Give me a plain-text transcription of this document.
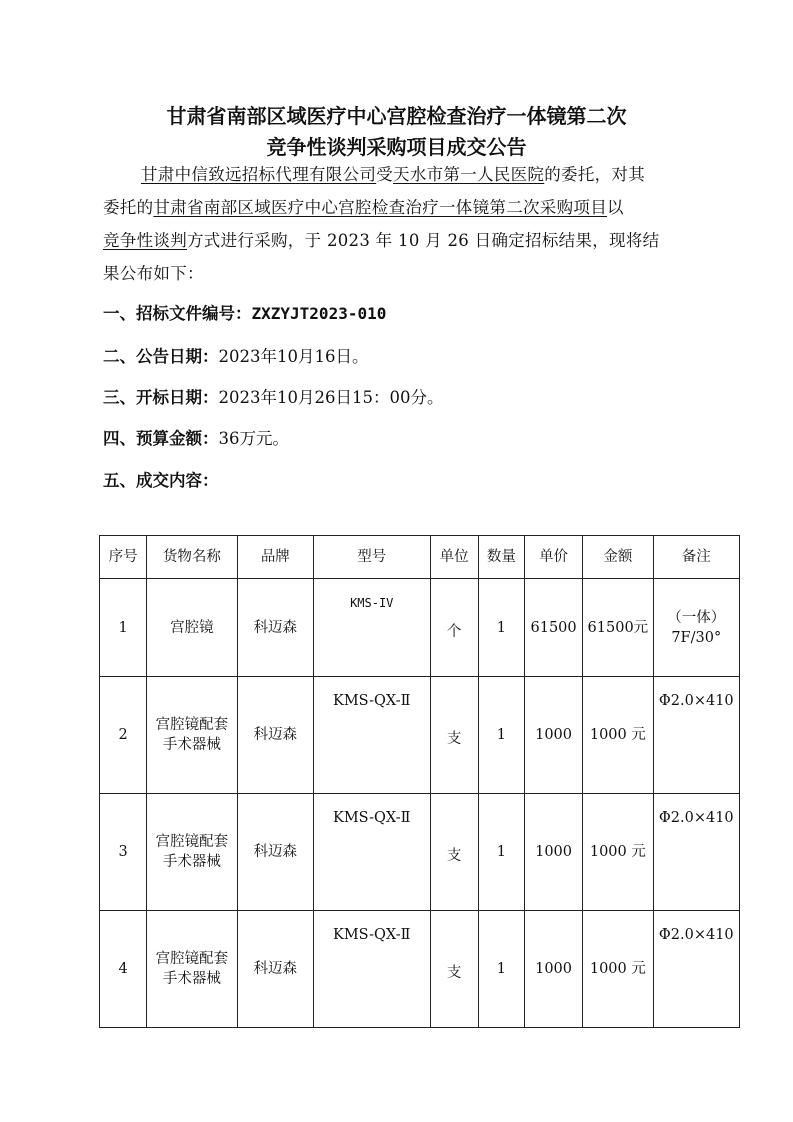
甘肃省南部区域医疗中心宫腔检查治疗一体镜第二次
竞争性谈判采购项目成交公告
甘肃中信致远招标代理有限公司受天水市第一人民医院的委托，对其
委托的甘肃省南部区域医疗中心宫腔检查治疗一体镜第二次采购项目以
竞争性谈判方式进行采购，于 2023 年 10 月 26 日确定招标结果，现将结
果公布如下：
一、招标文件编号：ZXZYJT2023-010
二、公告日期：2023年10月16日。
三、开标日期：2023年10月26日15：00分。
四、预算金额：36万元。
五、成交内容：
序号	货物名称	品牌	型号	单位	数量	单价	金额	备注
1	宫腔镜	科迈森	KMS-IV	个	1	61500	61500元	（一体）7F/30°
2	宫腔镜配套手术器械	科迈森	KMS-QX-Ⅱ	支	1	1000	1000 元	Φ2.0×410
3	宫腔镜配套手术器械	科迈森	KMS-QX-Ⅱ	支	1	1000	1000 元	Φ2.0×410
4	宫腔镜配套手术器械	科迈森	KMS-QX-Ⅱ	支	1	1000	1000 元	Φ2.0×410
